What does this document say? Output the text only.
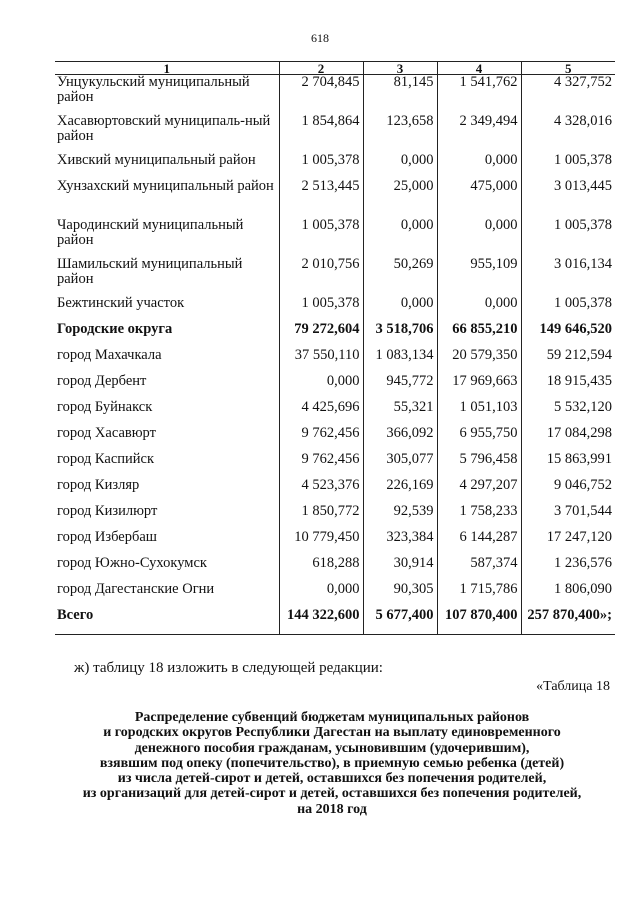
618
1	2	3	4	5
Унцукульский муниципальный район	2 704,845	81,145	1 541,762	4 327,752
Хасавюртовский муниципаль-ный район	1 854,864	123,658	2 349,494	4 328,016
Хивский муниципальный район	1 005,378	0,000	0,000	1 005,378
Хунзахский муниципальный район	2 513,445	25,000	475,000	3 013,445
Чародинский муниципальный район	1 005,378	0,000	0,000	1 005,378
Шамильский муниципальный район	2 010,756	50,269	955,109	3 016,134
Бежтинский участок	1 005,378	0,000	0,000	1 005,378
Городские округа	79 272,604	3 518,706	66 855,210	149 646,520
город Махачкала	37 550,110	1 083,134	20 579,350	59 212,594
город Дербент	0,000	945,772	17 969,663	18 915,435
город Буйнакск	4 425,696	55,321	1 051,103	5 532,120
город Хасавюрт	9 762,456	366,092	6 955,750	17 084,298
город Каспийск	9 762,456	305,077	5 796,458	15 863,991
город Кизляр	4 523,376	226,169	4 297,207	9 046,752
город Кизилюрт	1 850,772	92,539	1 758,233	3 701,544
город Избербаш	10 779,450	323,384	6 144,287	17 247,120
город Южно-Сухокумск	618,288	30,914	587,374	1 236,576
город Дагестанские Огни	0,000	90,305	1 715,786	1 806,090
Всего	144 322,600	5 677,400	107 870,400	257 870,400»;
ж) таблицу 18 изложить в следующей редакции:
«Таблица 18
Распределение субвенций бюджетам муниципальных районов
и городских округов Республики Дагестан на выплату единовременного
денежного пособия гражданам, усыновившим (удочерившим),
взявшим под опеку (попечительство), в приемную семью ребенка (детей)
из числа детей-сирот и детей, оставшихся без попечения родителей,
из организаций для детей-сирот и детей, оставшихся без попечения родителей,
на 2018 год
